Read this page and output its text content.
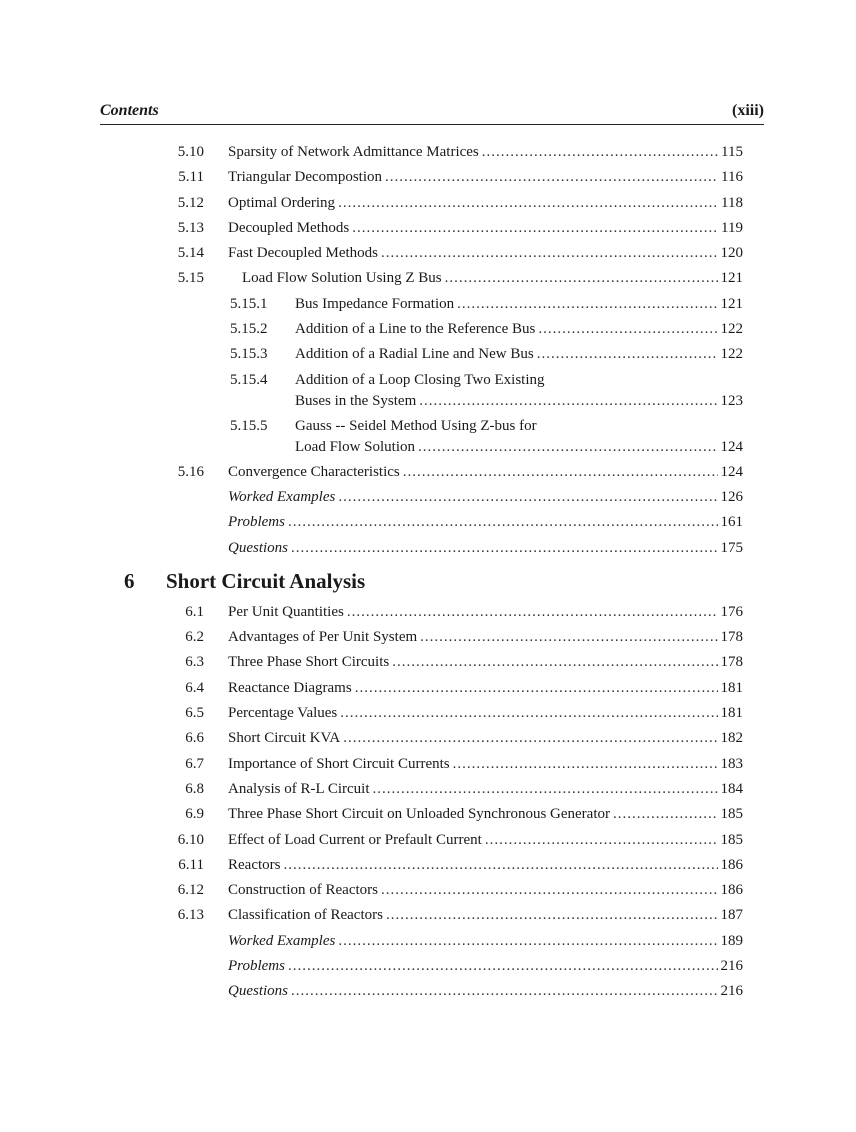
Contents	(xiii)
5.10 Sparsity of Network Admittance Matrices .....	115
5.11 Triangular Decompostion .....	116
5.12 Optimal Ordering .....	118
5.13 Decoupled Methods .....	119
5.14 Fast Decoupled Methods .....	120
5.15	Load Flow Solution Using Z Bus .....	121
5.15.1 Bus Impedance Formation .....	121
5.15.2 Addition of a Line to the Reference Bus .....	122
5.15.3 Addition of a Radial Line and New Bus .....	122
5.15.4 Addition of a Loop Closing Two Existing
Buses in the System .....	123
5.15.5 Gauss -- Seidel Method Using Z-bus for
Load Flow Solution .....	124
5.16 Convergence Characteristics .....	124
Worked Examples .....	126
Problems .....	161
Questions .....	175
6 Short Circuit Analysis
6.1 Per Unit Quantities .....	176
6.2 Advantages of Per Unit System .....	178
6.3 Three Phase Short Circuits .....	178
6.4 Reactance Diagrams .....	181
6.5 Percentage Values .....	181
6.6 Short Circuit KVA .....	182
6.7 Importance of Short Circuit Currents .....	183
6.8 Analysis of R-L Circuit .....	184
6.9 Three Phase Short Circuit on Unloaded Synchronous Generator .....	185
6.10 Effect of Load Current or Prefault Current .....	185
6.11 Reactors .....	186
6.12 Construction of Reactors .....	186
6.13 Classification of Reactors .....	187
Worked Examples .....	189
Problems .....	216
Questions .....	216
